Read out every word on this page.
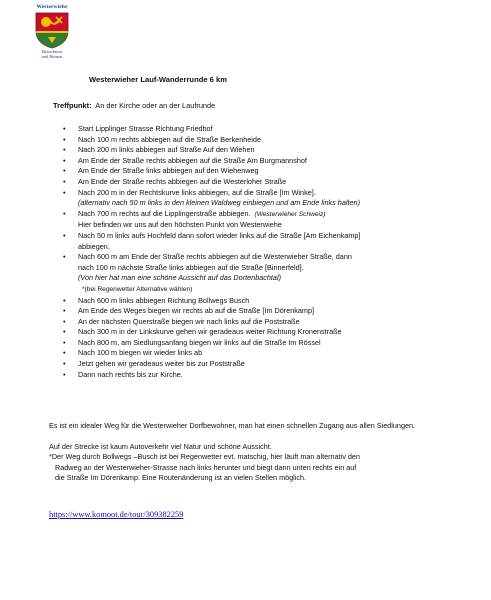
Westerwiehe
Brauchtum
und Heimat
Westerwieher Lauf-Wanderrunde 6 km
Treffpunkt: An der Kirche oder an der Laufrunde
• Start Lipplinger Strasse Richtung Friedhof
• Nach 100 m rechts abbiegen auf die Straße Berkenheide
• Nach 200 m links abbiegen auf Straße Auf den Wiehen
• Am Ende der Straße rechts abbiegen auf die Straße Am Burgmannshof
• Am Ende der Straße links abbiegen auf den Wiehenweg
• Am Ende der Straße rechts abbiegen auf die Westerloher Straße
• Nach 200 m in der Rechtskurve links abbiegen, auf die Straße [Im Winke].
(alternativ nach 50 m links in den kleinen Waldweg einbiegen und am Ende links halten)
• Nach 700 m rechts auf die Lipplingerstraße abbiegen. (Westerwieher Schweiz)
Hier befinden wir uns auf den höchsten Punkt von Westerwiehe
• Nach 50 m links aufs Hochfeld dann sofort wieder links auf die Straße [Am Eichenkamp]
abbiegen.
• Nach 600 m am Ende der Straße rechts abbiegen auf die Westerwieher Straße, dann
nach 100 m nächste Straße links abbiegen auf die Straße [Binnerfeld].
(Von hier hat man eine schöne Aussicht auf das Dortenbachtal)
*(bei Regenwetter Alternative wählen)
• Nach 600 m links abbiegen Richtung Bollwegs Busch
• Am Ende des Weges biegen wir rechts ab auf die Straße [Im Dörenkamp]
• An der nächsten Querstraße biegen wir nach links auf die Poststraße
• Nach 300 m in der Linkskurve gehen wir geradeaus weiter Richtung Kronenstraße
• Nach 800 m, am Siedlungsanfang biegen wir links auf die Straße Im Rössel
• Nach 100 m biegen wir wieder links ab
• Jetzt gehen wir geradeaus weiter bis zur Poststraße
• Dann nach rechts bis zur Kirche.
Es ist ein idealer Weg für die Westerwieher Dorfbewohner, man hat einen schnellen Zugang aus allen Siedlungen.
Auf der Strecke ist kaum Autoverkehr viel Natur und schöne Aussicht.
*Der Weg durch Bollwegs –Busch ist bei Regenwetter evt. matschig, hier läuft man alternativ den
Radweg an der Westerwieher-Strasse nach links herunter und biegt dann unten rechts ein auf
die Straße Im Dörenkamp. Eine Routenänderung ist an vielen Stellen möglich.
https://www.komoot.de/tour/309382259
